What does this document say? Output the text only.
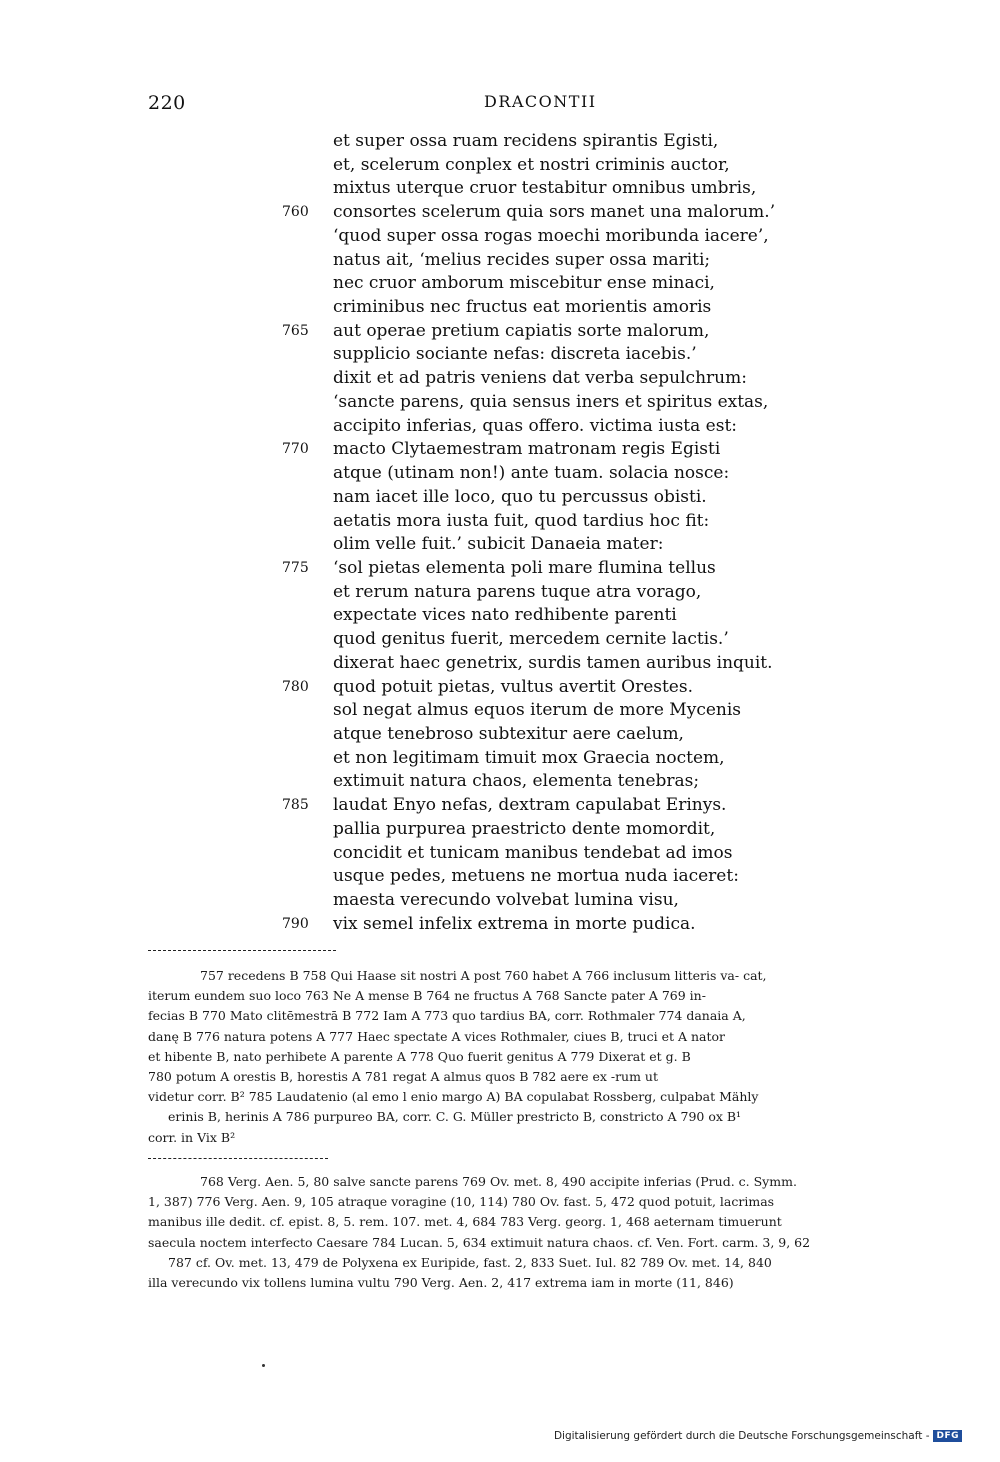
220	DRACONTII
et super ossa ruam recidens spirantis Egisti,
et, scelerum conplex et nostri criminis auctor,
mixtus uterque cruor testabitur omnibus umbris,
760	consortes scelerum quia sors manet una malorum.’
‘quod super ossa rogas moechi moribunda iacere’,
natus ait, ‘melius recides super ossa mariti;
nec cruor amborum miscebitur ense minaci,
criminibus nec fructus eat morientis amoris
765	aut operae pretium capiatis sorte malorum,
supplicio sociante nefas: discreta iacebis.’
dixit et ad patris veniens dat verba sepulchrum:
‘sancte parens, quia sensus iners et spiritus extas,
accipito inferias, quas offero. victima iusta est:
770	macto Clytaemestram matronam regis Egisti
atque (utinam non!) ante tuam. solacia nosce:
nam iacet ille loco, quo tu percussus obisti.
aetatis mora iusta fuit, quod tardius hoc fit:
olim velle fuit.’ subicit Danaeia mater:
775	‘sol pietas elementa poli mare flumina tellus
et rerum natura parens tuque atra vorago,
expectate vices nato redhibente parenti
quod genitus fuerit, mercedem cernite lactis.’
dixerat haec genetrix, surdis tamen auribus inquit.
780	quod potuit pietas, vultus avertit Orestes.
sol negat almus equos iterum de more Mycenis
atque tenebroso subtexitur aere caelum,
et non legitimam timuit mox Graecia noctem,
extimuit natura chaos, elementa tenebras;
785	laudat Enyo nefas, dextram capulabat Erinys.
pallia purpurea praestricto dente momordit,
concidit et tunicam manibus tendebat ad imos
usque pedes, metuens ne mortua nuda iaceret:
maesta verecundo volvebat lumina visu,
790	vix semel infelix extrema in morte pudica.
757 recedens B 758 Qui Haase sit nostri A post 760 habet A 766 inclusum litteris va- cat,
iterum eundem suo loco 763 Ne A mense B 764 ne fructus A 768 Sancte pater A 769 in-
fecias B 770 Mato clitēmestrā B 772 Iam A 773 quo tardius BA, corr. Rothmaler 774 danaia A,
danę B 776 natura potens A 777 Haec spectate A vices Rothmaler, ciues B, truci et A nator
et hibente B, nato perhibete A parente A 778 Quo fuerit genitus A 779 Dixerat et g. B
780 potum A orestis B, horestis A 781 regat A almus quos B 782 aere ex -rum ut
videtur corr. B² 785 Laudatenio (al emo l enio margo A) BA copulabat Rossberg, culpabat Mähly
erinis B, herinis A 786 purpureo BA, corr. C. G. Müller prestricto B, constricto A 790 ox B¹
corr. in Vix B²
768 Verg. Aen. 5, 80 salve sancte parens 769 Ov. met. 8, 490 accipite inferias (Prud. c. Symm.
1, 387) 776 Verg. Aen. 9, 105 atraque voragine (10, 114) 780 Ov. fast. 5, 472 quod potuit, lacrimas
manibus ille dedit. cf. epist. 8, 5. rem. 107. met. 4, 684 783 Verg. georg. 1, 468 aeternam timuerunt
saecula noctem interfecto Caesare 784 Lucan. 5, 634 extimuit natura chaos. cf. Ven. Fort. carm. 3, 9, 62
787 cf. Ov. met. 13, 479 de Polyxena ex Euripide, fast. 2, 833 Suet. Iul. 82 789 Ov. met. 14, 840
illa verecundo vix tollens lumina vultu 790 Verg. Aen. 2, 417 extrema iam in morte (11, 846)
Digitalisierung gefördert durch die Deutsche Forschungsgemeinschaft - DFG
